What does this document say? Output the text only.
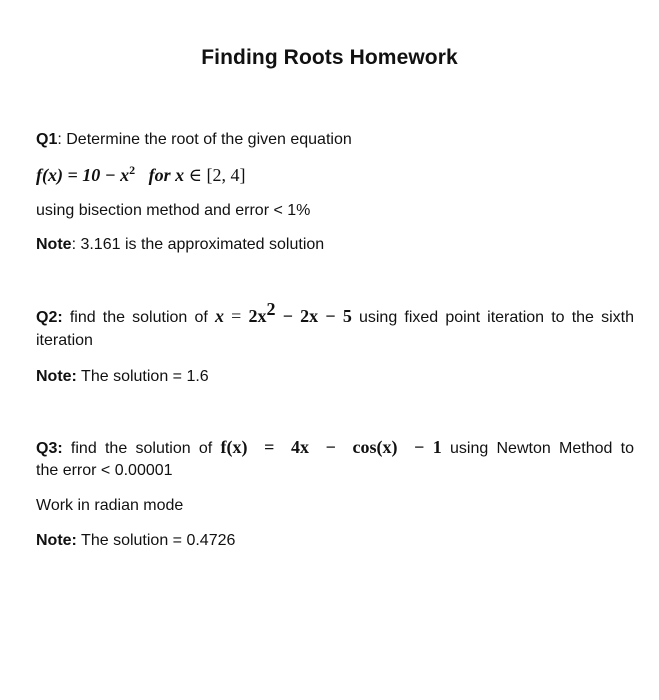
Finding Roots Homework
Q1: Determine the root of the given equation
$f(x) = 10 - x^2$ for x ∈ [2, 4]
using bisection method and error < 1%
Note: 3.161 is the approximated solution
Q2: find the solution of $x = 2x^2 - 2x - 5$ using fixed point iteration to the sixth
iteration
Note: The solution = 1.6
Q3: find the solution of f(x)  =  4x  −  cos(x)  − 1 using Newton Method to
the error < 0.00001
Work in radian mode
Note: The solution = 0.4726
